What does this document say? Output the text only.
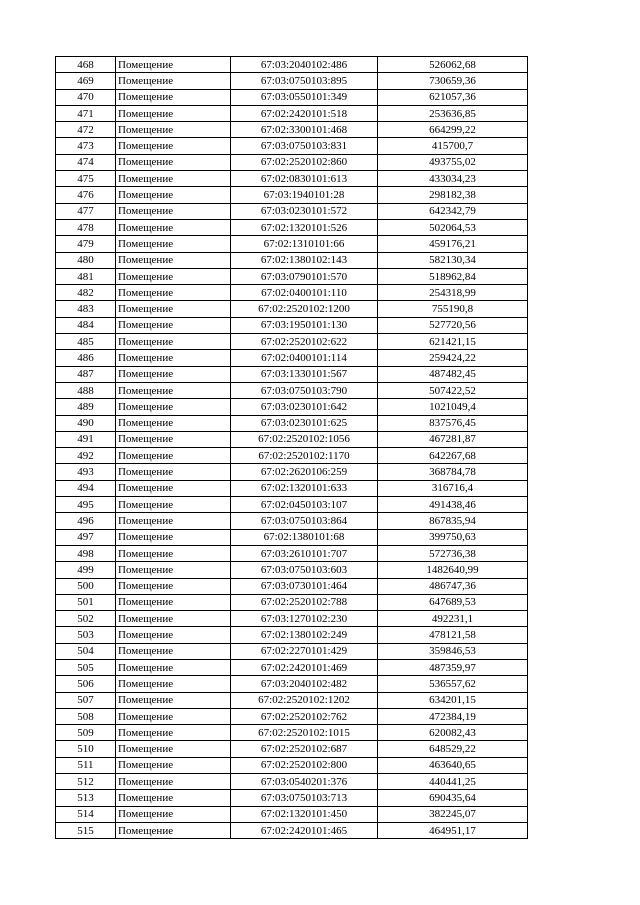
468	Помещение	67:03:2040102:486	526062,68
469	Помещение	67:03:0750103:895	730659,36
470	Помещение	67:03:0550101:349	621057,36
471	Помещение	67:02:2420101:518	253636,85
472	Помещение	67:02:3300101:468	664299,22
473	Помещение	67:03:0750103:831	415700,7
474	Помещение	67:02:2520102:860	493755,02
475	Помещение	67:02:0830101:613	433034,23
476	Помещение	67:03:1940101:28	298182,38
477	Помещение	67:03:0230101:572	642342,79
478	Помещение	67:02:1320101:526	502064,53
479	Помещение	67:02:1310101:66	459176,21
480	Помещение	67:02:1380102:143	582130,34
481	Помещение	67:03:0790101:570	518962,84
482	Помещение	67:02:0400101:110	254318,99
483	Помещение	67:02:2520102:1200	755190,8
484	Помещение	67:03:1950101:130	527720,56
485	Помещение	67:02:2520102:622	621421,15
486	Помещение	67:02:0400101:114	259424,22
487	Помещение	67:03:1330101:567	487482,45
488	Помещение	67:03:0750103:790	507422,52
489	Помещение	67:03:0230101:642	1021049,4
490	Помещение	67:03:0230101:625	837576,45
491	Помещение	67:02:2520102:1056	467281,87
492	Помещение	67:02:2520102:1170	642267,68
493	Помещение	67:02:2620106:259	368784,78
494	Помещение	67:02:1320101:633	316716,4
495	Помещение	67:02:0450103:107	491438,46
496	Помещение	67:03:0750103:864	867835,94
497	Помещение	67:02:1380101:68	399750,63
498	Помещение	67:03:2610101:707	572736,38
499	Помещение	67:03:0750103:603	1482640,99
500	Помещение	67:03:0730101:464	486747,36
501	Помещение	67:02:2520102:788	647689,53
502	Помещение	67:03:1270102:230	492231,1
503	Помещение	67:02:1380102:249	478121,58
504	Помещение	67:02:2270101:429	359846,53
505	Помещение	67:02:2420101:469	487359,97
506	Помещение	67:03:2040102:482	536557,62
507	Помещение	67:02:2520102:1202	634201,15
508	Помещение	67:02:2520102:762	472384,19
509	Помещение	67:02:2520102:1015	620082,43
510	Помещение	67:02:2520102:687	648529,22
511	Помещение	67:02:2520102:800	463640,65
512	Помещение	67:03:0540201:376	440441,25
513	Помещение	67:03:0750103:713	690435,64
514	Помещение	67:02:1320101:450	382245,07
515	Помещение	67:02:2420101:465	464951,17
